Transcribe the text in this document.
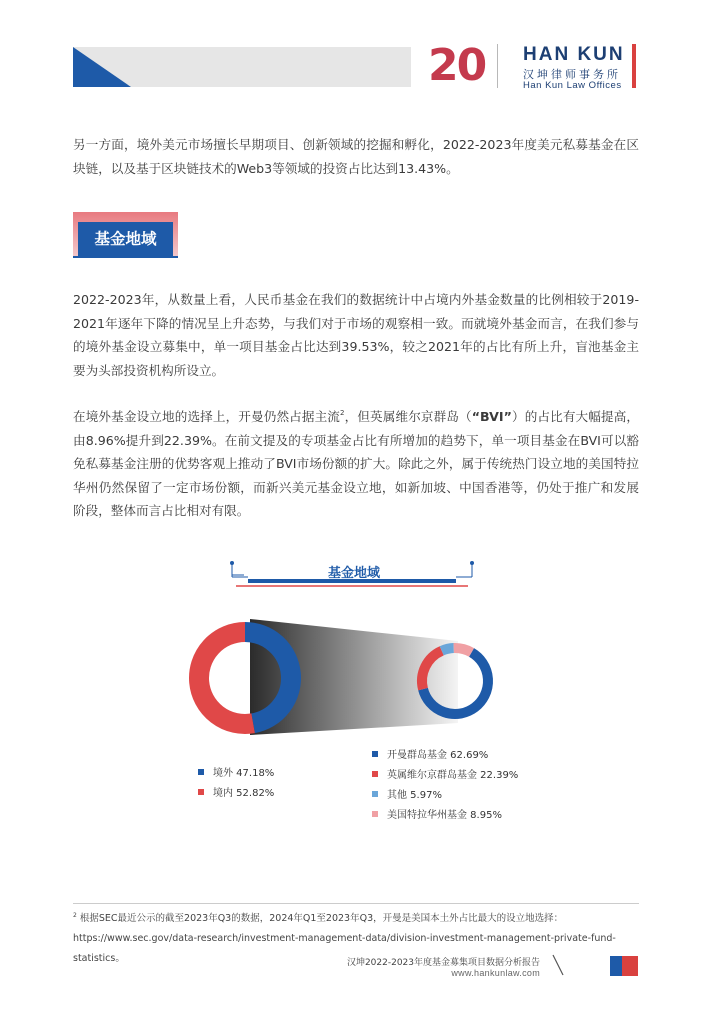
20 HAN KUN
汉坤律师事务所
Han Kun Law Offices
另一方面，境外美元市场擅长早期项目、创新领域的挖掘和孵化，2022-2023年度美元私募基金在区块链，以及基于区块链技术的Web3等领域的投资占比达到13.43%。
基金地域
2022-2023年，从数量上看，人民币基金在我们的数据统计中占境内外基金数量的比例相较于2019-2021年逐年下降的情况呈上升态势，与我们对于市场的观察相一致。而就境外基金而言，在我们参与的境外基金设立募集中，单一项目基金占比达到39.53%，较之2021年的占比有所上升，盲池基金主要为头部投资机构所设立。
在境外基金设立地的选择上，开曼仍然占据主流$^2$，但英属维尔京群岛（“BVI”）的占比有大幅提高，由8.96%提升到22.39%。在前文提及的专项基金占比有所增加的趋势下，单一项目基金在BVI可以豁免私募基金注册的优势客观上推动了BVI市场份额的扩大。除此之外，属于传统热门设立地的美国特拉华州仍然保留了一定市场份额，而新兴美元基金设立地，如新加坡、中国香港等，仍处于推广和发展阶段，整体而言占比相对有限。
基金地域
境外 47.18%
境内 52.82%
开曼群岛基金 62.69%
英属维尔京群岛基金 22.39%
其他 5.97%
美国特拉华州基金 8.95%
$^2$ 根据SEC最近公示的截至2023年Q3的数据，2024年Q1至2023年Q3，开曼是美国本土外占比最大的设立地选择：https://www.sec.gov/data-research/investment-management-data/division-investment-management-private-fund-statistics。	汉坤2022-2023年度基金募集项目数据分析报告
www.hankunlaw.com
